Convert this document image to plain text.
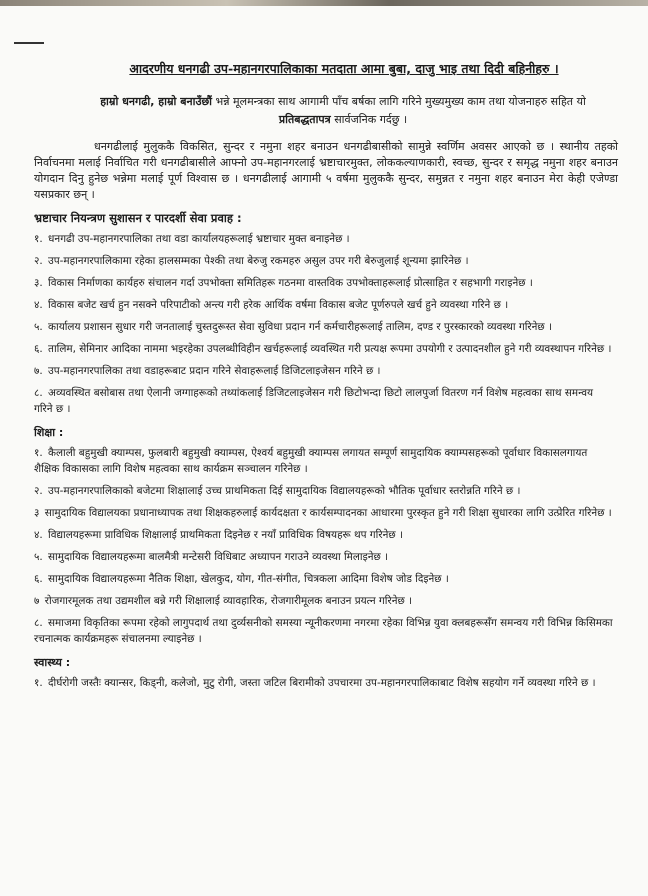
आदरणीय धनगढी उप-महानगरपालिकाका मतदाता आमा बुबा, दाजु भाइ तथा दिदी बहिनीहरु ।
हाम्रो धनगढी, हाम्रो बनाउँछौं भन्ने मूलमन्त्रका साथ आगामी पाँच बर्षका लागि गरिने मुख्यमुख्य काम तथा योजनाहरु सहित यो प्रतिबद्धतापत्र सार्वजनिक गर्दछु ।
धनगढीलाई मुलुककै विकसित, सुन्दर र नमुना शहर बनाउन धनगढीबासीको सामुन्ने स्वर्णिम अवसर आएको छ । स्थानीय तहको निर्वाचनमा मलाई निर्वाचित गरी धनगढीबासीले आफ्नो उप-महानगरलाई भ्रष्टाचारमुक्त, लोककल्याणकारी, स्वच्छ, सुन्दर र समृद्ध नमुना शहर बनाउन योगदान दिनु हुनेछ भन्नेमा मलाई पूर्ण विश्वास छ । धनगढीलाई आगामी ५ वर्षमा मुलुककै सुन्दर, समुन्नत र नमुना शहर बनाउन मेरा केही एजेण्डा यसप्रकार छन् ।
भ्रष्टाचार नियन्त्रण सुशासन र पारदर्शी सेवा प्रवाह :
१. धनगढी उप-महानगरपालिका तथा वडा कार्यालयहरूलाई भ्रष्टाचार मुक्त बनाइनेछ ।
२. उप-महानगरपालिकामा रहेका हालसम्मका पेश्की तथा बेरुजु रकमहरु असुल उपर गरी बेरुजुलाई शून्यमा झारिनेछ ।
३. विकास निर्माणका कार्यहरु संचालन गर्दा उपभोक्ता समितिहरू गठनमा वास्तविक उपभोक्ताहरूलाई प्रोत्साहित र सहभागी गराइनेछ ।
४. विकास बजेट खर्च हुन नसक्ने परिपाटीको अन्त्य गरी हरेक आर्थिक वर्षमा विकास बजेट पूर्णरुपले खर्च हुने व्यवस्था गरिने छ ।
५. कार्यालय प्रशासन सुधार गरी जनतालाई चुस्तदुरूस्त सेवा सुविधा प्रदान गर्न कर्मचारीहरूलाई तालिम, दण्ड र पुरस्कारको व्यवस्था गरिनेछ ।
६. तालिम, सेमिनार आदिका नाममा भइरहेका उपलब्धीविहीन खर्चहरूलाई व्यवस्थित गरी प्रत्यक्ष रूपमा उपयोगी र उत्पादनशील हुने गरी व्यवस्थापन गरिनेछ ।
७. उप-महानगरपालिका तथा वडाहरूबाट प्रदान गरिने सेवाहरूलाई डिजिटलाइजेसन गरिने छ ।
८. अव्यवस्थित बसोबास तथा ऐलानी जग्गाहरूको तथ्यांकलाई डिजिटलाइजेसन गरी छिटोभन्दा छिटो लालपुर्जा वितरण गर्न विशेष महत्वका साथ समन्वय गरिने छ ।
शिक्षा :
१. कैलाली बहुमुखी क्याम्पस, फुलबारी बहुमुखी क्याम्पस, ऐश्वर्य बहुमुखी क्याम्पस लगायत सम्पूर्ण सामुदायिक क्याम्पसहरूको पूर्वाधार विकासलगायत शैक्षिक विकासका लागि विशेष महत्वका साथ कार्यक्रम सञ्चालन गरिनेछ ।
२. उप-महानगरपालिकाको बजेटमा शिक्षालाई उच्च प्राथमिकता दिई सामुदायिक विद्यालयहरूको भौतिक पूर्वाधार स्तरोन्नति गरिने छ ।
३ सामुदायिक विद्यालयका प्रधानाध्यापक तथा शिक्षकहरुलाई कार्यदक्षता र कार्यसम्पादनका आधारमा पुरस्कृत हुने गरी शिक्षा सुधारका लागि उत्प्रेरित गरिनेछ ।
४. विद्यालयहरूमा प्राविधिक शिक्षालाई प्राथमिकता दिइनेछ र नयाँ प्राविधिक विषयहरू थप गरिनेछ ।
५. सामुदायिक विद्यालयहरूमा बालमैत्री मन्टेसरी विधिबाट अध्यापन गराउने व्यवस्था मिलाइनेछ ।
६. सामुदायिक विद्यालयहरूमा नैतिक शिक्षा, खेलकुद, योग, गीत-संगीत, चित्रकला आदिमा विशेष जोड दिइनेछ ।
७ रोजगारमूलक तथा उद्यमशील बन्ने गरी शिक्षालाई व्यावहारिक, रोजगारीमूलक बनाउन प्रयत्न गरिनेछ ।
८. समाजमा विकृतिका रूपमा रहेको लागुपदार्थ तथा दुर्व्यसनीको समस्या न्यूनीकरणमा नगरमा रहेका विभिन्न युवा क्लबहरूसँग समन्वय गरी विभिन्न किसिमका रचनात्मक कार्यक्रमहरू संचालनमा ल्याइनेछ ।
स्वास्थ्य :
१. दीर्घरोगी जस्तैः क्यान्सर, किड्नी, कलेजो, मुटु रोगी, जस्ता जटिल बिरामीको उपचारमा उप-महानगरपालिकाबाट विशेष सहयोग गर्ने व्यवस्था गरिने छ ।
